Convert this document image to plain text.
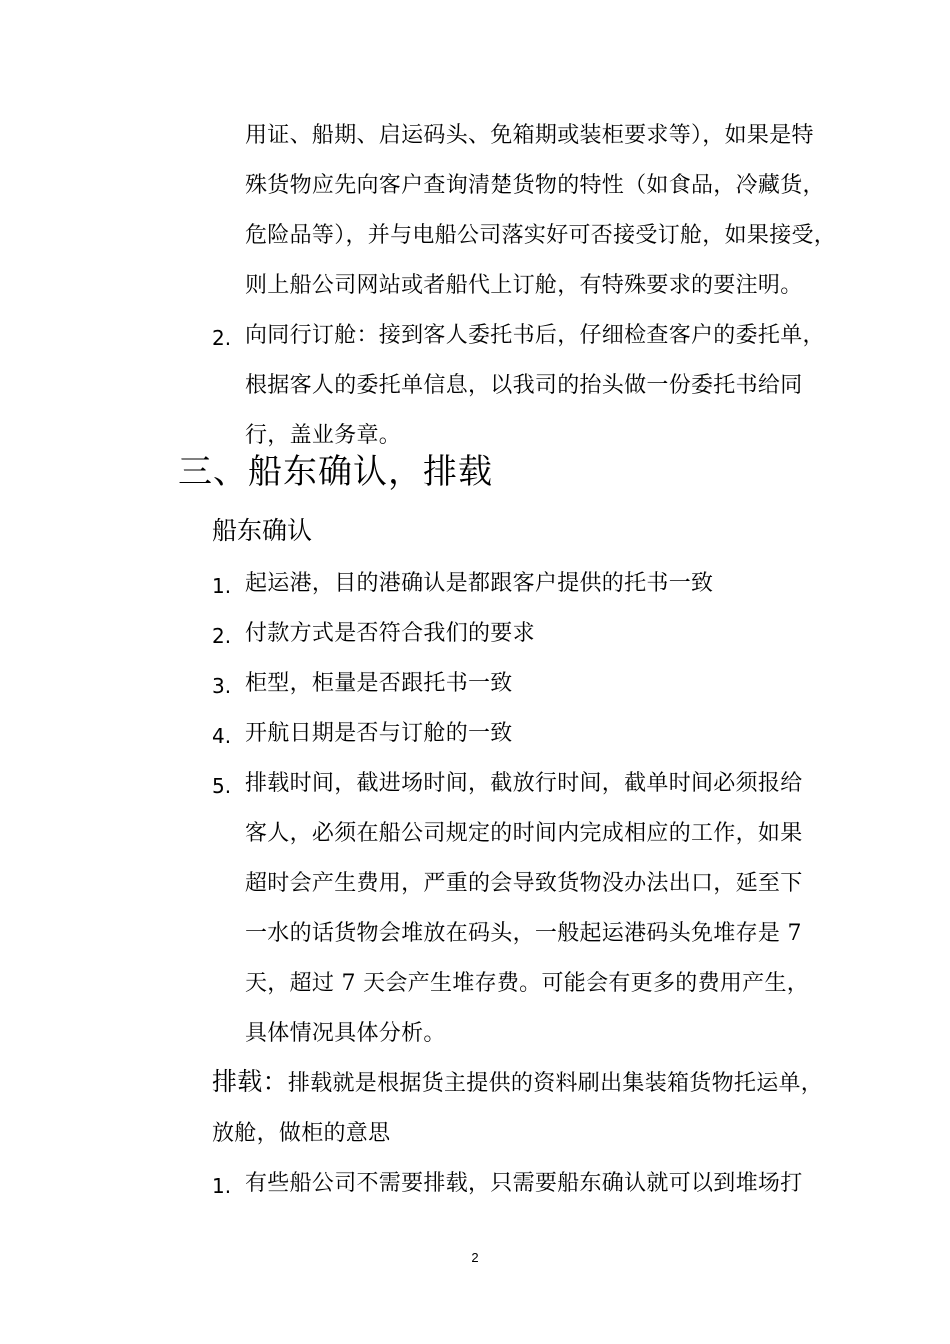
用证、船期、启运码头、免箱期或装柜要求等），如果是特
殊货物应先向客户查询清楚货物的特性（如食品，冷藏货，
危险品等），并与电船公司落实好可否接受订舱，如果接受，
则上船公司网站或者船代上订舱，有特殊要求的要注明。
2. 向同行订舱：接到客人委托书后，仔细检查客户的委托单，
根据客人的委托单信息，以我司的抬头做一份委托书给同
行，盖业务章。
三、船东确认，排载
船东确认
1. 起运港，目的港确认是都跟客户提供的托书一致
2. 付款方式是否符合我们的要求
3. 柜型，柜量是否跟托书一致
4. 开航日期是否与订舱的一致
5. 排载时间，截进场时间，截放行时间，截单时间必须报给
客人，必须在船公司规定的时间内完成相应的工作，如果
超时会产生费用，严重的会导致货物没办法出口，延至下
一水的话货物会堆放在码头，一般起运港码头免堆存是 7
天，超过 7 天会产生堆存费。可能会有更多的费用产生，
具体情况具体分析。
排载：排载就是根据货主提供的资料刷出集装箱货物托运单，
放舱，做柜的意思
1. 有些船公司不需要排载，只需要船东确认就可以到堆场打
2
